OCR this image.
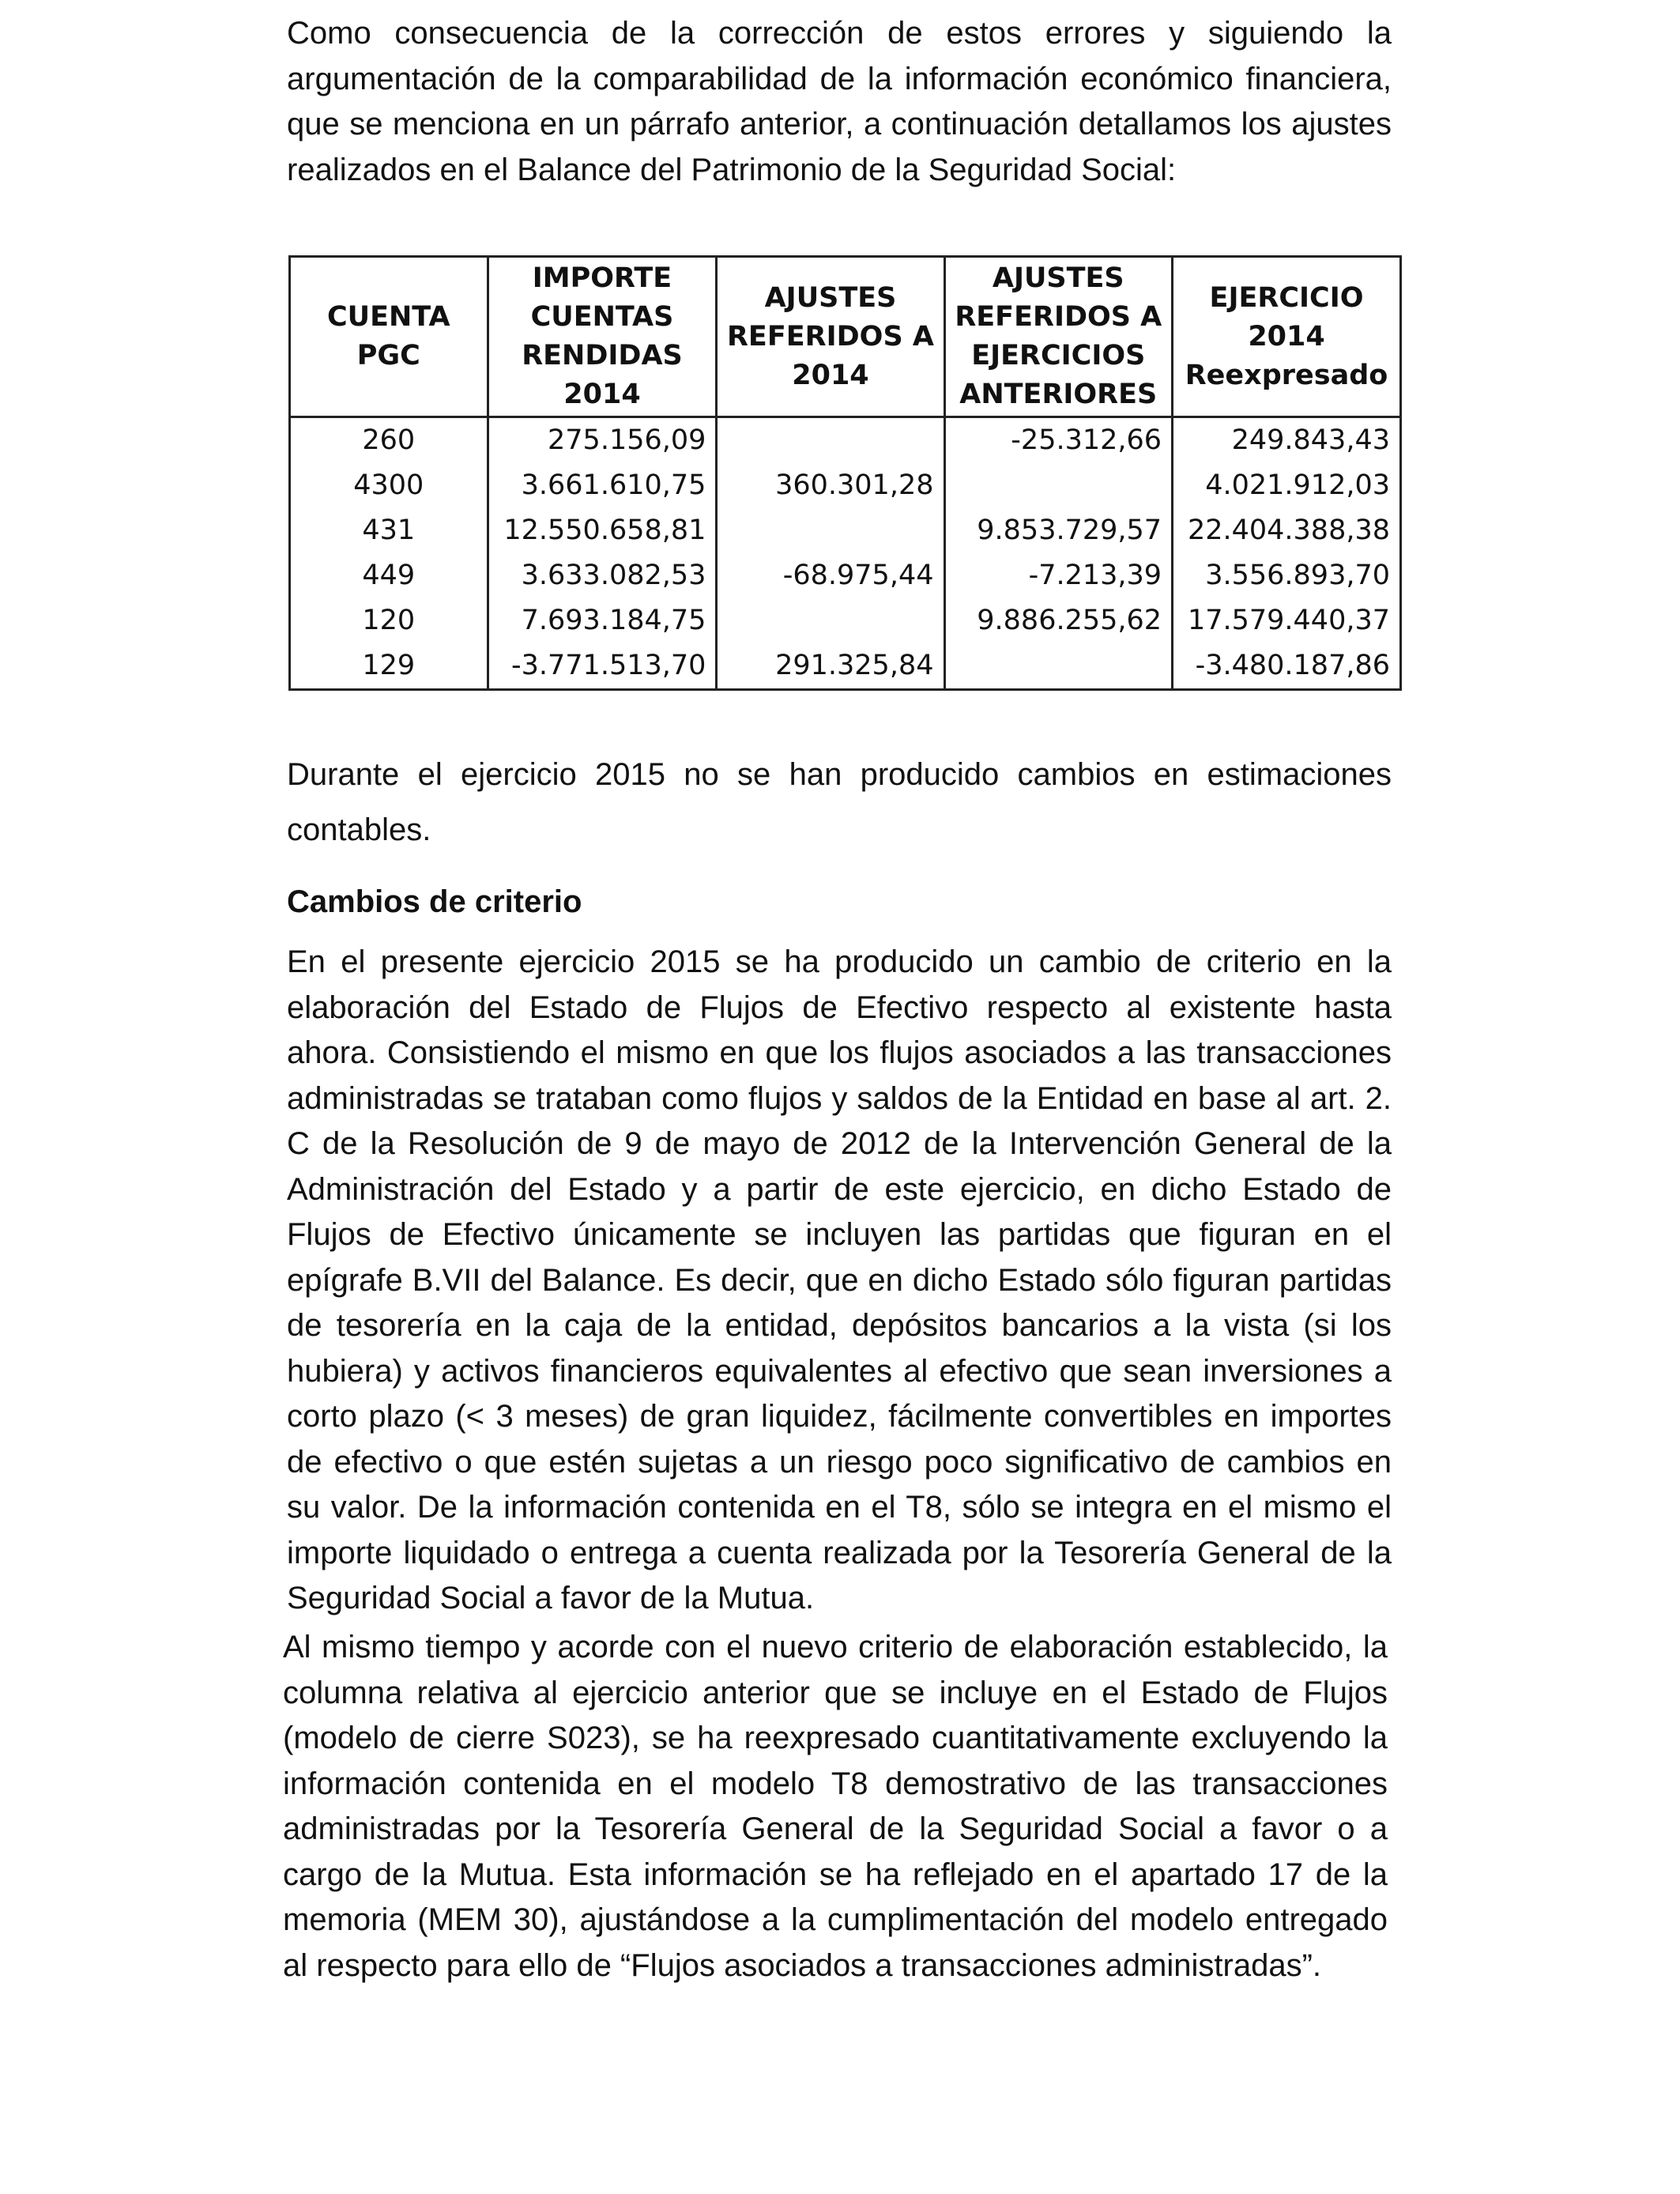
Como consecuencia de la corrección de estos errores y siguiendo la argumentación de la comparabilidad de la información económico financiera, que se menciona en un párrafo anterior, a continuación detallamos los ajustes realizados en el Balance del Patrimonio de la Seguridad Social:

CUENTA PGC	IMPORTE CUENTAS RENDIDAS 2014	AJUSTES REFERIDOS A 2014	AJUSTES REFERIDOS A EJERCICIOS ANTERIORES	EJERCICIO 2014 Reexpresado
260	275.156,09		-25.312,66	249.843,43
4300	3.661.610,75	360.301,28		4.021.912,03
431	12.550.658,81		9.853.729,57	22.404.388,38
449	3.633.082,53	-68.975,44	-7.213,39	3.556.893,70
120	7.693.184,75		9.886.255,62	17.579.440,37
129	-3.771.513,70	291.325,84		-3.480.187,86

Durante el ejercicio 2015 no se han producido cambios en estimaciones contables.

Cambios de criterio

En el presente ejercicio 2015 se ha producido un cambio de criterio en la elaboración del Estado de Flujos de Efectivo respecto al existente hasta ahora. Consistiendo el mismo en que los flujos asociados a las transacciones administradas se trataban como flujos y saldos de la Entidad en base al art. 2. C de la Resolución de 9 de mayo de 2012 de la Intervención General de la Administración del Estado y a partir de este ejercicio, en dicho Estado de Flujos de Efectivo únicamente se incluyen las partidas que figuran en el epígrafe B.VII del Balance. Es decir, que en dicho Estado sólo figuran partidas de tesorería en la caja de la entidad, depósitos bancarios a la vista (si los hubiera) y activos financieros equivalentes al efectivo que sean inversiones a corto plazo (< 3 meses) de gran liquidez, fácilmente convertibles en importes de efectivo o que estén sujetas a un riesgo poco significativo de cambios en su valor. De la información contenida en el T8, sólo se integra en el mismo el importe liquidado o entrega a cuenta realizada por la Tesorería General de la Seguridad Social a favor de la Mutua.

Al mismo tiempo y acorde con el nuevo criterio de elaboración establecido, la columna relativa al ejercicio anterior que se incluye en el Estado de Flujos (modelo de cierre S023), se ha reexpresado cuantitativamente excluyendo la información contenida en el modelo T8 demostrativo de las transacciones administradas por la Tesorería General de la Seguridad Social a favor o a cargo de la Mutua. Esta información se ha reflejado en el apartado 17 de la memoria (MEM 30), ajustándose a la cumplimentación del modelo entregado al respecto para ello de “Flujos asociados a transacciones administradas”.
